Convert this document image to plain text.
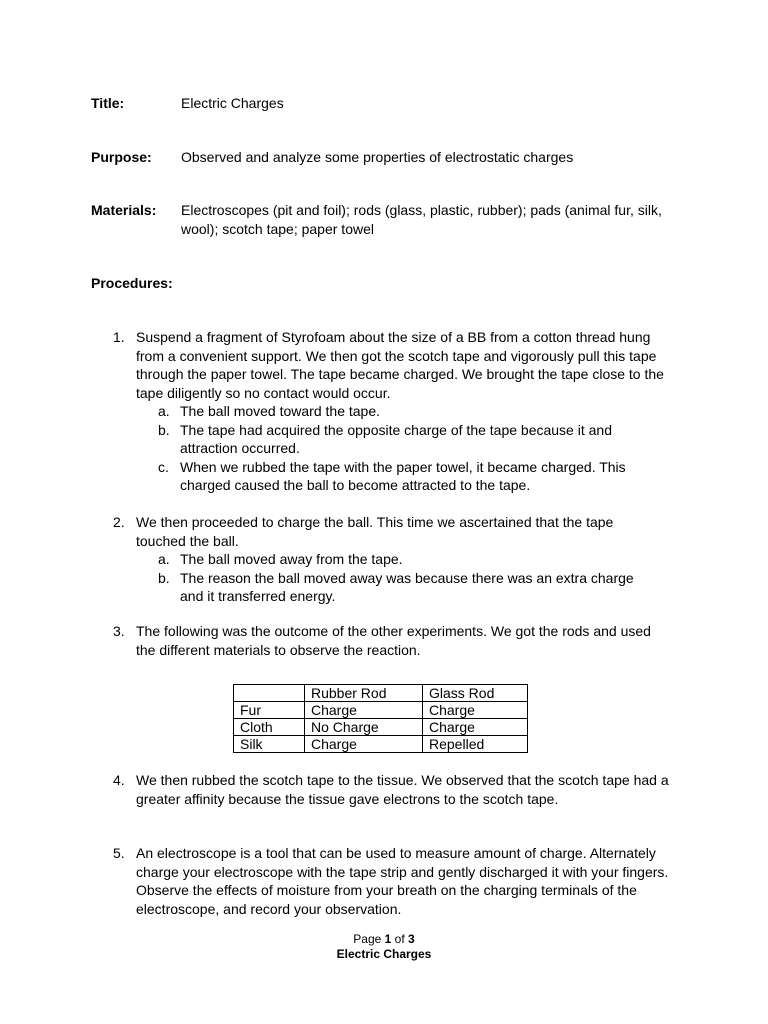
Title:	Electric Charges
Purpose: Observed and analyze some properties of electrostatic charges
Materials: Electroscopes (pit and foil); rods (glass, plastic, rubber); pads (animal fur, silk, wool); scotch tape; paper towel
Procedures:
1. Suspend a fragment of Styrofoam about the size of a BB from a cotton thread hung from a convenient support. We then got the scotch tape and vigorously pull this tape through the paper towel. The tape became charged. We brought the tape close to the tape diligently so no contact would occur.
a. The ball moved toward the tape.
b. The tape had acquired the opposite charge of the tape because it and attraction occurred.
c. When we rubbed the tape with the paper towel, it became charged. This charged caused the ball to become attracted to the tape.
2. We then proceeded to charge the ball. This time we ascertained that the tape touched the ball.
a. The ball moved away from the tape.
b. The reason the ball moved away was because there was an extra charge and it transferred energy.
3. The following was the outcome of the other experiments. We got the rods and used the different materials to observe the reaction.
	Rubber Rod	Glass Rod
Fur	Charge	Charge
Cloth	No Charge	Charge
Silk	Charge	Repelled
4. We then rubbed the scotch tape to the tissue. We observed that the scotch tape had a greater affinity because the tissue gave electrons to the scotch tape.
5. An electroscope is a tool that can be used to measure amount of charge. Alternately charge your electroscope with the tape strip and gently discharged it with your fingers. Observe the effects of moisture from your breath on the charging terminals of the electroscope, and record your observation.
Page 1 of 3
Electric Charges
